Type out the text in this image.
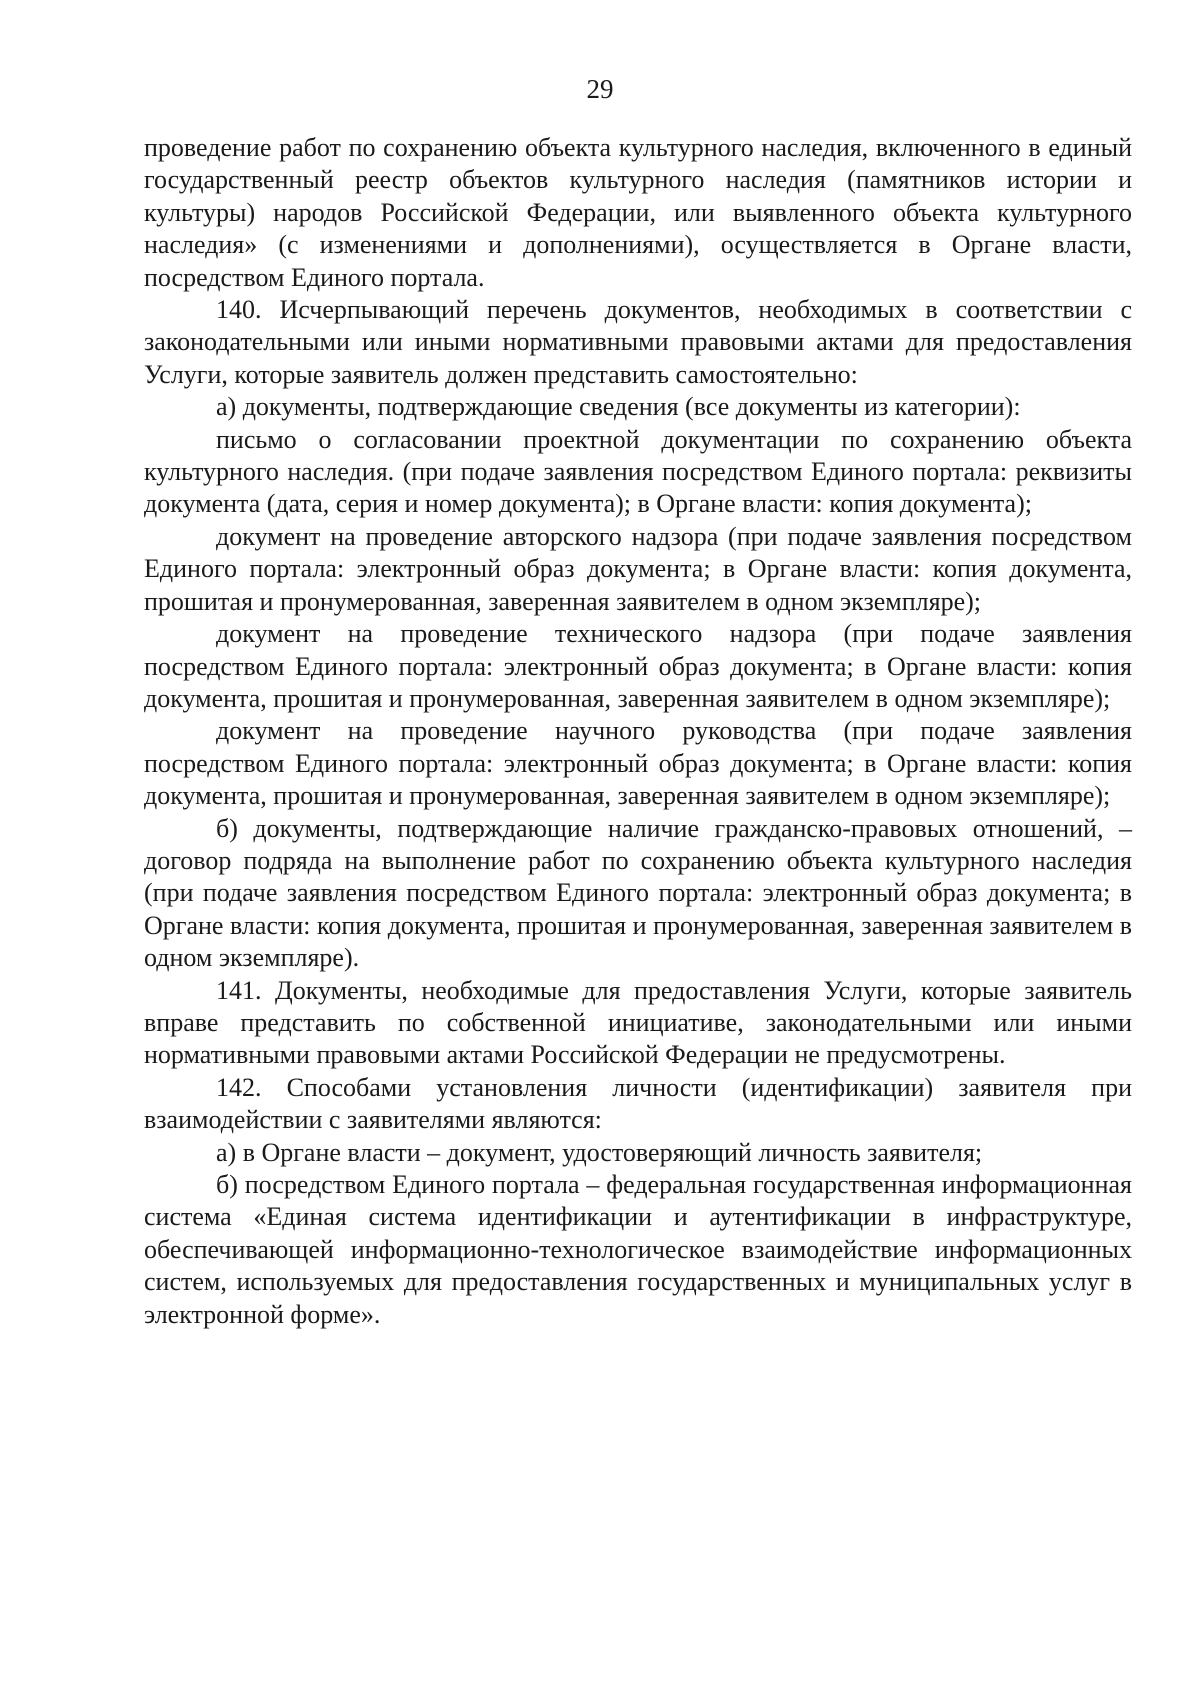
29

проведение работ по сохранению объекта культурного наследия, включенного в единый государственный реестр объектов культурного наследия (памятников истории и культуры) народов Российской Федерации, или выявленного объекта культурного наследия» (с изменениями и дополнениями), осуществляется в Органе власти, посредством Единого портала.

140. Исчерпывающий перечень документов, необходимых в соответствии с законодательными или иными нормативными правовыми актами для предоставления Услуги, которые заявитель должен представить самостоятельно:

а) документы, подтверждающие сведения (все документы из категории):

письмо о согласовании проектной документации по сохранению объекта культурного наследия. (при подаче заявления посредством Единого портала: реквизиты документа (дата, серия и номер документа); в Органе власти: копия документа);

документ на проведение авторского надзора (при подаче заявления посредством Единого портала: электронный образ документа; в Органе власти: копия документа, прошитая и пронумерованная, заверенная заявителем в одном экземпляре);

документ на проведение технического надзора (при подаче заявления посредством Единого портала: электронный образ документа; в Органе власти: копия документа, прошитая и пронумерованная, заверенная заявителем в одном экземпляре);

документ на проведение научного руководства (при подаче заявления посредством Единого портала: электронный образ документа; в Органе власти: копия документа, прошитая и пронумерованная, заверенная заявителем в одном экземпляре);

б) документы, подтверждающие наличие гражданско-правовых отношений, – договор подряда на выполнение работ по сохранению объекта культурного наследия (при подаче заявления посредством Единого портала: электронный образ документа; в Органе власти: копия документа, прошитая и пронумерованная, заверенная заявителем в одном экземпляре).

141. Документы, необходимые для предоставления Услуги, которые заявитель вправе представить по собственной инициативе, законодательными или иными нормативными правовыми актами Российской Федерации не предусмотрены.

142. Способами установления личности (идентификации) заявителя при взаимодействии с заявителями являются:

а) в Органе власти – документ, удостоверяющий личность заявителя;

б) посредством Единого портала – федеральная государственная информационная система «Единая система идентификации и аутентификации в инфраструктуре, обеспечивающей информационно-технологическое взаимодействие информационных систем, используемых для предоставления государственных и муниципальных услуг в электронной форме».
